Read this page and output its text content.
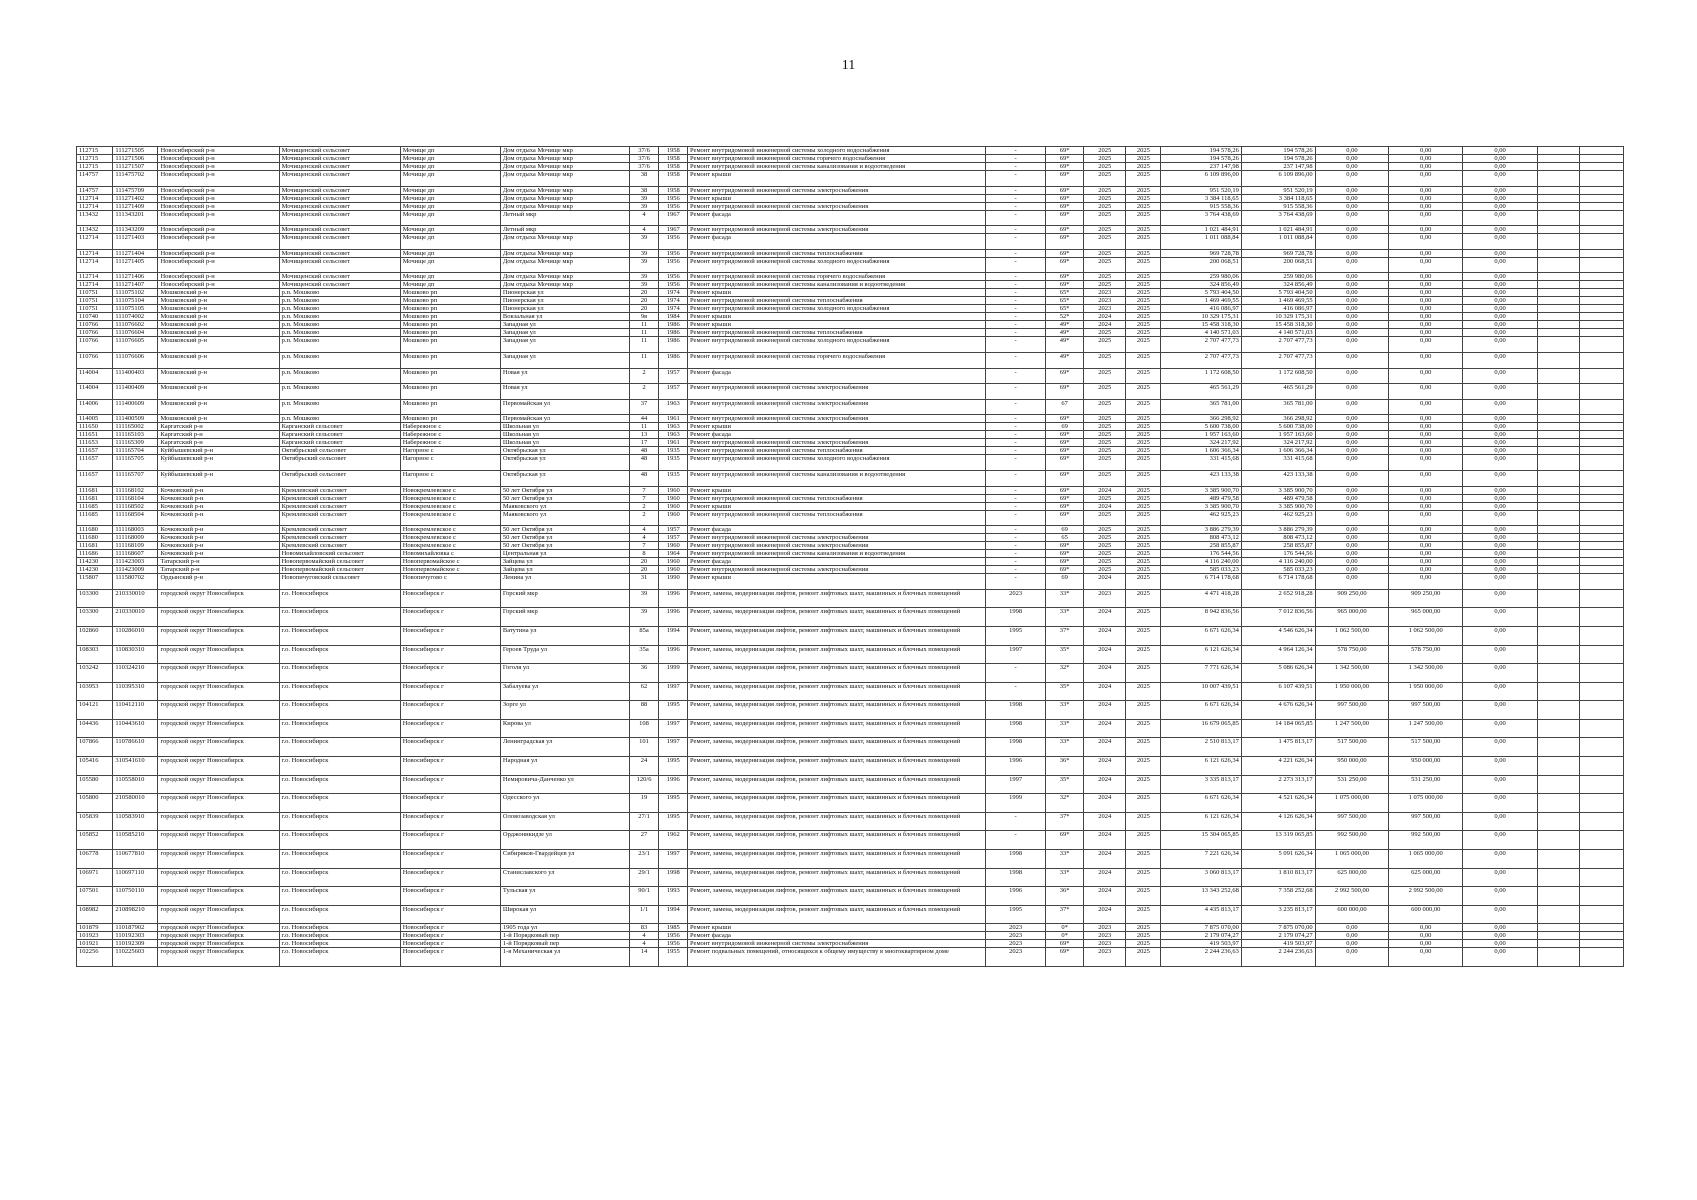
11
112715	111271505	Новосибирский р-н	Мочищенский сельсовет	Мочище дп	Дом отдыха Мочище мкр	37/6	1958	Ремонт внутридомовой инженерной системы холодного водоснабжения	-	69*	2025	2025	194 578,26	194 578,26	0,00	0,00	0,00		
112715	111271506	Новосибирский р-н	Мочищенский сельсовет	Мочище дп	Дом отдыха Мочище мкр	37/6	1958	Ремонт внутридомовой инженерной системы горячего водоснабжения	-	69*	2025	2025	194 578,26	194 578,26	0,00	0,00	0,00		
112715	111271507	Новосибирский р-н	Мочищенский сельсовет	Мочище дп	Дом отдыха Мочище мкр	37/6	1958	Ремонт внутридомовой инженерной системы канализования и водоотведения	-	69*	2025	2025	237 147,98	237 147,98	0,00	0,00	0,00		
114757	111475702	Новосибирский р-н	Мочищенский сельсовет	Мочище дп	Дом отдыха Мочище мкр	38	1958	Ремонт крыши	-	69*	2025	2025	6 109 896,00	6 109 896,00	0,00	0,00	0,00		
114757	111475709	Новосибирский р-н	Мочищенский сельсовет	Мочище дп	Дом отдыха Мочище мкр	38	1958	Ремонт внутридомовой инженерной системы электроснабжения	-	69*	2025	2025	951 520,19	951 520,19	0,00	0,00	0,00		
112714	111271402	Новосибирский р-н	Мочищенский сельсовет	Мочище дп	Дом отдыха Мочище мкр	39	1956	Ремонт крыши	-	69*	2025	2025	3 384 118,65	3 384 118,65	0,00	0,00	0,00		
112714	111271409	Новосибирский р-н	Мочищенский сельсовет	Мочище дп	Дом отдыха Мочище мкр	39	1956	Ремонт внутридомовой инженерной системы электроснабжения	-	69*	2025	2025	915 558,36	915 558,36	0,00	0,00	0,00		
113432	111343201	Новосибирский р-н	Мочищенский сельсовет	Мочище дп	Летный мкр	4	1967	Ремонт фасада	-	69*	2025	2025	3 764 438,69	3 764 438,69	0,00	0,00	0,00		
113432	111343209	Новосибирский р-н	Мочищенский сельсовет	Мочище дп	Летный мкр	4	1967	Ремонт внутридомовой инженерной системы электроснабжения	-	69*	2025	2025	1 021 484,91	1 021 484,91	0,00	0,00	0,00		
112714	111271403	Новосибирский р-н	Мочищенский сельсовет	Мочище дп	Дом отдыха Мочище мкр	39	1956	Ремонт фасада	-	69*	2025	2025	1 011 088,84	1 011 088,84	0,00	0,00	0,00		
112714	111271404	Новосибирский р-н	Мочищенский сельсовет	Мочище дп	Дом отдыха Мочище мкр	39	1956	Ремонт внутридомовой инженерной системы теплоснабжения	-	69*	2025	2025	969 728,78	969 728,78	0,00	0,00	0,00		
112714	111271405	Новосибирский р-н	Мочищенский сельсовет	Мочище дп	Дом отдыха Мочище мкр	39	1956	Ремонт внутридомовой инженерной системы холодного водоснабжения	-	69*	2025	2025	200 068,51	200 068,51	0,00	0,00	0,00		
112714	111271406	Новосибирский р-н	Мочищенский сельсовет	Мочище дп	Дом отдыха Мочище мкр	39	1956	Ремонт внутридомовой инженерной системы горячего водоснабжения	-	69*	2025	2025	259 980,06	259 980,06	0,00	0,00	0,00		
112714	111271407	Новосибирский р-н	Мочищенский сельсовет	Мочище дп	Дом отдыха Мочище мкр	39	1956	Ремонт внутридомовой инженерной системы канализования и водоотведения	-	69*	2025	2025	324 856,49	324 856,49	0,00	0,00	0,00		
110751	111075102	Мошковский р-н	р.п. Мошково	Мошково рп	Пионерская ул	20	1974	Ремонт крыши	-	65*	2023	2025	5 793 404,50	5 793 404,50	0,00	0,00	0,00		
110751	111075104	Мошковский р-н	р.п. Мошково	Мошково рп	Пионерская ул	20	1974	Ремонт внутридомовой инженерной системы теплоснабжения	-	65*	2023	2025	1 469 469,55	1 469 469,55	0,00	0,00	0,00		
110751	111075105	Мошковский р-н	р.п. Мошково	Мошково рп	Пионерская ул	20	1974	Ремонт внутридомовой инженерной системы холодного водоснабжения	-	65*	2023	2025	416 086,97	416 086,97	0,00	0,00	0,00		
110740	111074002	Мошковский р-н	р.п. Мошково	Мошково рп	Вокзальная ул	9в	1984	Ремонт крыши	-	52*	2024	2025	10 329 175,31	10 329 175,31	0,00	0,00	0,00		
110766	111076602	Мошковский р-н	р.п. Мошково	Мошково рп	Западная ул	11	1986	Ремонт крыши	-	49*	2024	2025	15 458 318,30	15 458 318,30	0,00	0,00	0,00		
110766	111076604	Мошковский р-н	р.п. Мошково	Мошково рп	Западная ул	11	1986	Ремонт внутридомовой инженерной системы теплоснабжения	-	49*	2025	2025	4 140 571,03	4 140 571,03	0,00	0,00	0,00		
110766	111076605	Мошковский р-н	р.п. Мошково	Мошково рп	Западная ул	11	1986	Ремонт внутридомовой инженерной системы холодного водоснабжения	-	49*	2025	2025	2 707 477,73	2 707 477,73	0,00	0,00	0,00		
110766	111076606	Мошковский р-н	р.п. Мошково	Мошково рп	Западная ул	11	1986	Ремонт внутридомовой инженерной системы горячего водоснабжения	-	49*	2025	2025	2 707 477,73	2 707 477,73	0,00	0,00	0,00		
114004	111400403	Мошковский р-н	р.п. Мошково	Мошково рп	Новая ул	2	1957	Ремонт фасада	-	69*	2025	2025	1 172 608,50	1 172 608,50	0,00	0,00	0,00		
114004	111400409	Мошковский р-н	р.п. Мошково	Мошково рп	Новая ул	2	1957	Ремонт внутридомовой инженерной системы электроснабжения	-	69*	2025	2025	465 561,29	465 561,29	0,00	0,00	0,00		
114006	111400609	Мошковский р-н	р.п. Мошково	Мошково рп	Первомайская ул	37	1963	Ремонт внутридомовой инженерной системы электроснабжения	-	67	2025	2025	365 781,00	365 781,00	0,00	0,00	0,00		
114005	111400509	Мошковский р-н	р.п. Мошково	Мошково рп	Первомайская ул	44	1961	Ремонт внутридомовой инженерной системы электроснабжения	-	69*	2025	2025	366 298,92	366 298,92	0,00	0,00	0,00		
111650	111165002	Каргатский р-н	Карганский сельсовет	Набережное с	Школьная ул	11	1963	Ремонт крыши	-	69	2025	2025	5 600 738,00	5 600 738,00	0,00	0,00	0,00		
111651	111165103	Каргатский р-н	Карганский сельсовет	Набережное с	Школьная ул	13	1963	Ремонт фасада	-	69*	2025	2025	1 957 163,60	1 957 163,60	0,00	0,00	0,00		
111653	111165309	Каргатский р-н	Карганский сельсовет	Набережное с	Школьная ул	17	1961	Ремонт внутридомовой инженерной системы электроснабжения	-	69*	2025	2025	324 217,92	324 217,92	0,00	0,00	0,00		
111657	111165704	Куйбышевский р-н	Октябрьский сельсовет	Нагорное с	Октябрьская ул	48	1935	Ремонт внутридомовой инженерной системы теплоснабжения	-	69*	2025	2025	1 606 366,34	1 606 366,34	0,00	0,00	0,00		
111657	111165705	Куйбышевский р-н	Октябрьский сельсовет	Нагорное с	Октябрьская ул	48	1935	Ремонт внутридомовой инженерной системы холодного водоснабжения	-	69*	2025	2025	331 415,68	331 415,68	0,00	0,00	0,00		
111657	111165707	Куйбышевский р-н	Октябрьский сельсовет	Нагорное с	Октябрьская ул	48	1935	Ремонт внутридомовой инженерной системы канализования и водоотведения	-	69*	2025	2025	423 133,38	423 133,38	0,00	0,00	0,00		
111681	111168102	Кочковский р-н	Кремлевский сельсовет	Новокремлевское с	50 лет Октября ул	7	1960	Ремонт крыши	-	69*	2024	2025	3 385 900,70	3 385 900,70	0,00	0,00	0,00		
111681	111168104	Кочковский р-н	Кремлевский сельсовет	Новокремлевское с	50 лет Октября ул	7	1960	Ремонт внутридомовой инженерной системы теплоснабжения	-	69*	2025	2025	489 479,58	489 479,58	0,00	0,00	0,00		
111685	111168502	Кочковский р-н	Кремлевский сельсовет	Новокремлевское с	Маяковского ул	2	1960	Ремонт крыши	-	69*	2024	2025	3 385 900,70	3 385 900,70	0,00	0,00	0,00		
111685	111168504	Кочковский р-н	Кремлевский сельсовет	Новокремлевское с	Маяковского ул	2	1960	Ремонт внутридомовой инженерной системы теплоснабжения	-	69*	2025	2025	462 925,23	462 925,23	0,00	0,00	0,00		
111680	111168003	Кочковский р-н	Кремлевский сельсовет	Новокремлевское с	50 лет Октября ул	4	1957	Ремонт фасада	-	69	2025	2025	3 886 279,39	3 886 279,39	0,00	0,00	0,00		
111680	111168009	Кочковский р-н	Кремлевский сельсовет	Новокремлевское с	50 лет Октября ул	4	1957	Ремонт внутридомовой инженерной системы электроснабжения	-	65	2025	2025	808 473,12	808 473,12	0,00	0,00	0,00		
111681	111168109	Кочковский р-н	Кремлевский сельсовет	Новокремлевское с	50 лет Октября ул	7	1960	Ремонт внутридомовой инженерной системы электроснабжения	-	69*	2025	2025	258 855,87	258 855,87	0,00	0,00	0,00		
111686	111168607	Кочковский р-н	Новомихайловский сельсовет	Новомихайловка с	Центральная ул	8	1964	Ремонт внутридомовой инженерной системы канализования и водоотведения	-	69*	2025	2025	176 544,56	176 544,56	0,00	0,00	0,00		
114230	111423003	Татарский р-н	Новопервомайский сельсовет	Новопервомайское с	Зайцева ул	20	1960	Ремонт фасада	-	69*	2025	2025	4 116 240,00	4 116 240,00	0,00	0,00	0,00		
114230	111423009	Татарский р-н	Новопервомайский сельсовет	Новопервомайское с	Зайцева ул	20	1960	Ремонт внутридомовой инженерной системы электроснабжения	-	69*	2025	2025	585 033,23	585 033,23	0,00	0,00	0,00		
115807	111580702	Ордынский р-н	Новопичуговский сельсовет	Новопичугово с	Ленина ул	31	1990	Ремонт крыши	-	69	2024	2025	6 714 178,68	6 714 178,68	0,00	0,00	0,00		
103300	210330010	городской округ Новосибирск	г.о. Новосибирск	Новосибирск г	Горский мкр	39	1996	Ремонт, замена, модернизация лифтов, ремонт лифтовых шахт, машинных и блочных помещений	2023	33*	2023	2025	4 471 418,28	2 652 918,28	909 250,00	909 250,00	0,00		
103300	210330010	городской округ Новосибирск	г.о. Новосибирск	Новосибирск г	Горский мкр	39	1996	Ремонт, замена, модернизация лифтов, ремонт лифтовых шахт, машинных и блочных помещений	1998	33*	2024	2025	8 942 836,56	7 012 836,56	965 000,00	965 000,00	0,00		
102860	110286010	городской округ Новосибирск	г.о. Новосибирск	Новосибирск г	Ватутина ул	85а	1994	Ремонт, замена, модернизация лифтов, ремонт лифтовых шахт, машинных и блочных помещений	1995	37*	2024	2025	6 671 626,34	4 546 626,34	1 062 500,00	1 062 500,00	0,00		
108303	110830310	городской округ Новосибирск	г.о. Новосибирск	Новосибирск г	Героев Труда ул	35а	1996	Ремонт, замена, модернизация лифтов, ремонт лифтовых шахт, машинных и блочных помещений	1997	35*	2024	2025	6 121 626,34	4 964 126,34	578 750,00	578 750,00	0,00		
103242	110324210	городской округ Новосибирск	г.о. Новосибирск	Новосибирск г	Гоголя ул	36	1999	Ремонт, замена, модернизация лифтов, ремонт лифтовых шахт, машинных и блочных помещений	-	32*	2024	2025	7 771 626,34	5 086 626,34	1 342 500,00	1 342 500,00	0,00		
103953	110395310	городской округ Новосибирск	г.о. Новосибирск	Новосибирск г	Забалуева ул	62	1997	Ремонт, замена, модернизация лифтов, ремонт лифтовых шахт, машинных и блочных помещений	-	35*	2024	2025	10 007 439,51	6 107 439,51	1 950 000,00	1 950 000,00	0,00		
104121	110412110	городской округ Новосибирск	г.о. Новосибирск	Новосибирск г	Зорге ул	88	1995	Ремонт, замена, модернизация лифтов, ремонт лифтовых шахт, машинных и блочных помещений	1998	33*	2024	2025	6 671 626,34	4 676 626,34	997 500,00	997 500,00	0,00		
104436	110443610	городской округ Новосибирск	г.о. Новосибирск	Новосибирск г	Кирова ул	108	1997	Ремонт, замена, модернизация лифтов, ремонт лифтовых шахт, машинных и блочных помещений	1998	33*	2024	2025	16 679 065,85	14 184 065,85	1 247 500,00	1 247 500,00	0,00		
107866	110786610	городской округ Новосибирск	г.о. Новосибирск	Новосибирск г	Ленинградская ул	101	1997	Ремонт, замена, модернизация лифтов, ремонт лифтовых шахт, машинных и блочных помещений	1998	33*	2024	2025	2 510 813,17	1 475 813,17	517 500,00	517 500,00	0,00		
105416	310541610	городской округ Новосибирск	г.о. Новосибирск	Новосибирск г	Народная ул	24	1995	Ремонт, замена, модернизация лифтов, ремонт лифтовых шахт, машинных и блочных помещений	1996	36*	2024	2025	6 121 626,34	4 221 626,34	950 000,00	950 000,00	0,00		
105580	110558010	городской округ Новосибирск	г.о. Новосибирск	Новосибирск г	Немировича-Данченко ул	120/6	1996	Ремонт, замена, модернизация лифтов, ремонт лифтовых шахт, машинных и блочных помещений	1997	35*	2024	2025	3 335 813,17	2 273 313,17	531 250,00	531 250,00	0,00		
105800	210580010	городской округ Новосибирск	г.о. Новосибирск	Новосибирск г	Одесского ул	19	1995	Ремонт, замена, модернизация лифтов, ремонт лифтовых шахт, машинных и блочных помещений	1999	32*	2024	2025	6 671 626,34	4 521 626,34	1 075 000,00	1 075 000,00	0,00		
105839	110583910	городской округ Новосибирск	г.о. Новосибирск	Новосибирск г	Оловозаводская ул	27/1	1995	Ремонт, замена, модернизация лифтов, ремонт лифтовых шахт, машинных и блочных помещений	-	37*	2024	2025	6 121 626,34	4 126 626,34	997 500,00	997 500,00	0,00		
105852	110585210	городской округ Новосибирск	г.о. Новосибирск	Новосибирск г	Орджоникидзе ул	27	1962	Ремонт, замена, модернизация лифтов, ремонт лифтовых шахт, машинных и блочных помещений	-	69*	2024	2025	15 304 065,85	13 319 065,85	992 500,00	992 500,00	0,00		
106778	110677810	городской округ Новосибирск	г.о. Новосибирск	Новосибирск г	Сибиряков-Гвардейцев ул	23/1	1997	Ремонт, замена, модернизация лифтов, ремонт лифтовых шахт, машинных и блочных помещений	1998	33*	2024	2025	7 221 626,34	5 091 626,34	1 065 000,00	1 065 000,00	0,00		
106971	110697110	городской округ Новосибирск	г.о. Новосибирск	Новосибирск г	Станиславского ул	29/1	1998	Ремонт, замена, модернизация лифтов, ремонт лифтовых шахт, машинных и блочных помещений	1998	33*	2024	2025	3 060 813,17	1 810 813,17	625 000,00	625 000,00	0,00		
107501	110750110	городской округ Новосибирск	г.о. Новосибирск	Новосибирск г	Тульская ул	90/1	1993	Ремонт, замена, модернизация лифтов, ремонт лифтовых шахт, машинных и блочных помещений	1996	36*	2024	2025	13 343 252,68	7 358 252,68	2 992 500,00	2 992 500,00	0,00		
108982	210898210	городской округ Новосибирск	г.о. Новосибирск	Новосибирск г	Широкая ул	1/1	1994	Ремонт, замена, модернизация лифтов, ремонт лифтовых шахт, машинных и блочных помещений	1995	37*	2024	2025	4 435 813,17	3 235 813,17	600 000,00	600 000,00	0,00		
101879	110187902	городской округ Новосибирск	г.о. Новосибирск	Новосибирск г	1905 года ул	83	1985	Ремонт крыши	2023	0*	2023	2025	7 875 070,00	7 875 070,00	0,00	0,00	0,00		
101923	110192303	городской округ Новосибирск	г.о. Новосибирск	Новосибирск г	1-й Порядковый пер	4	1956	Ремонт фасада	2023	0*	2023	2025	2 179 074,27	2 179 074,27	0,00	0,00	0,00		
101921	110192309	городской округ Новосибирск	г.о. Новосибирск	Новосибирск г	1-й Порядковый пер	4	1956	Ремонт внутридомовой инженерной системы электроснабжения	2023	69*	2023	2025	419 503,97	419 503,97	0,00	0,00	0,00		
102256	110225603	городской округ Новосибирск	г.о. Новосибирск	Новосибирск г	1-я Механическая ул	14	1955	Ремонт подвальных помещений, относящихся к общему имуществу в многоквартирном доме	2023	69*	2023	2025	2 244 236,63	2 244 236,63	0,00	0,00	0,00		
